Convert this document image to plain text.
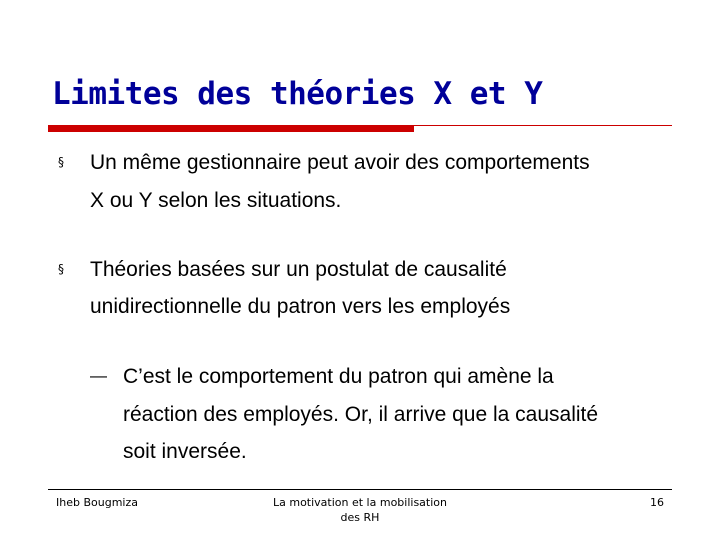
Limites des théories X et Y
§ Un même gestionnaire peut avoir des comportements
X ou Y selon les situations.
§ Théories basées sur un postulat de causalité
unidirectionnelle du patron vers les employés
— C’est le comportement du patron qui amène la
réaction des employés. Or, il arrive que la causalité
soit inversée.
Iheb Bougmiza	La motivation et la mobilisation
des RH
16
